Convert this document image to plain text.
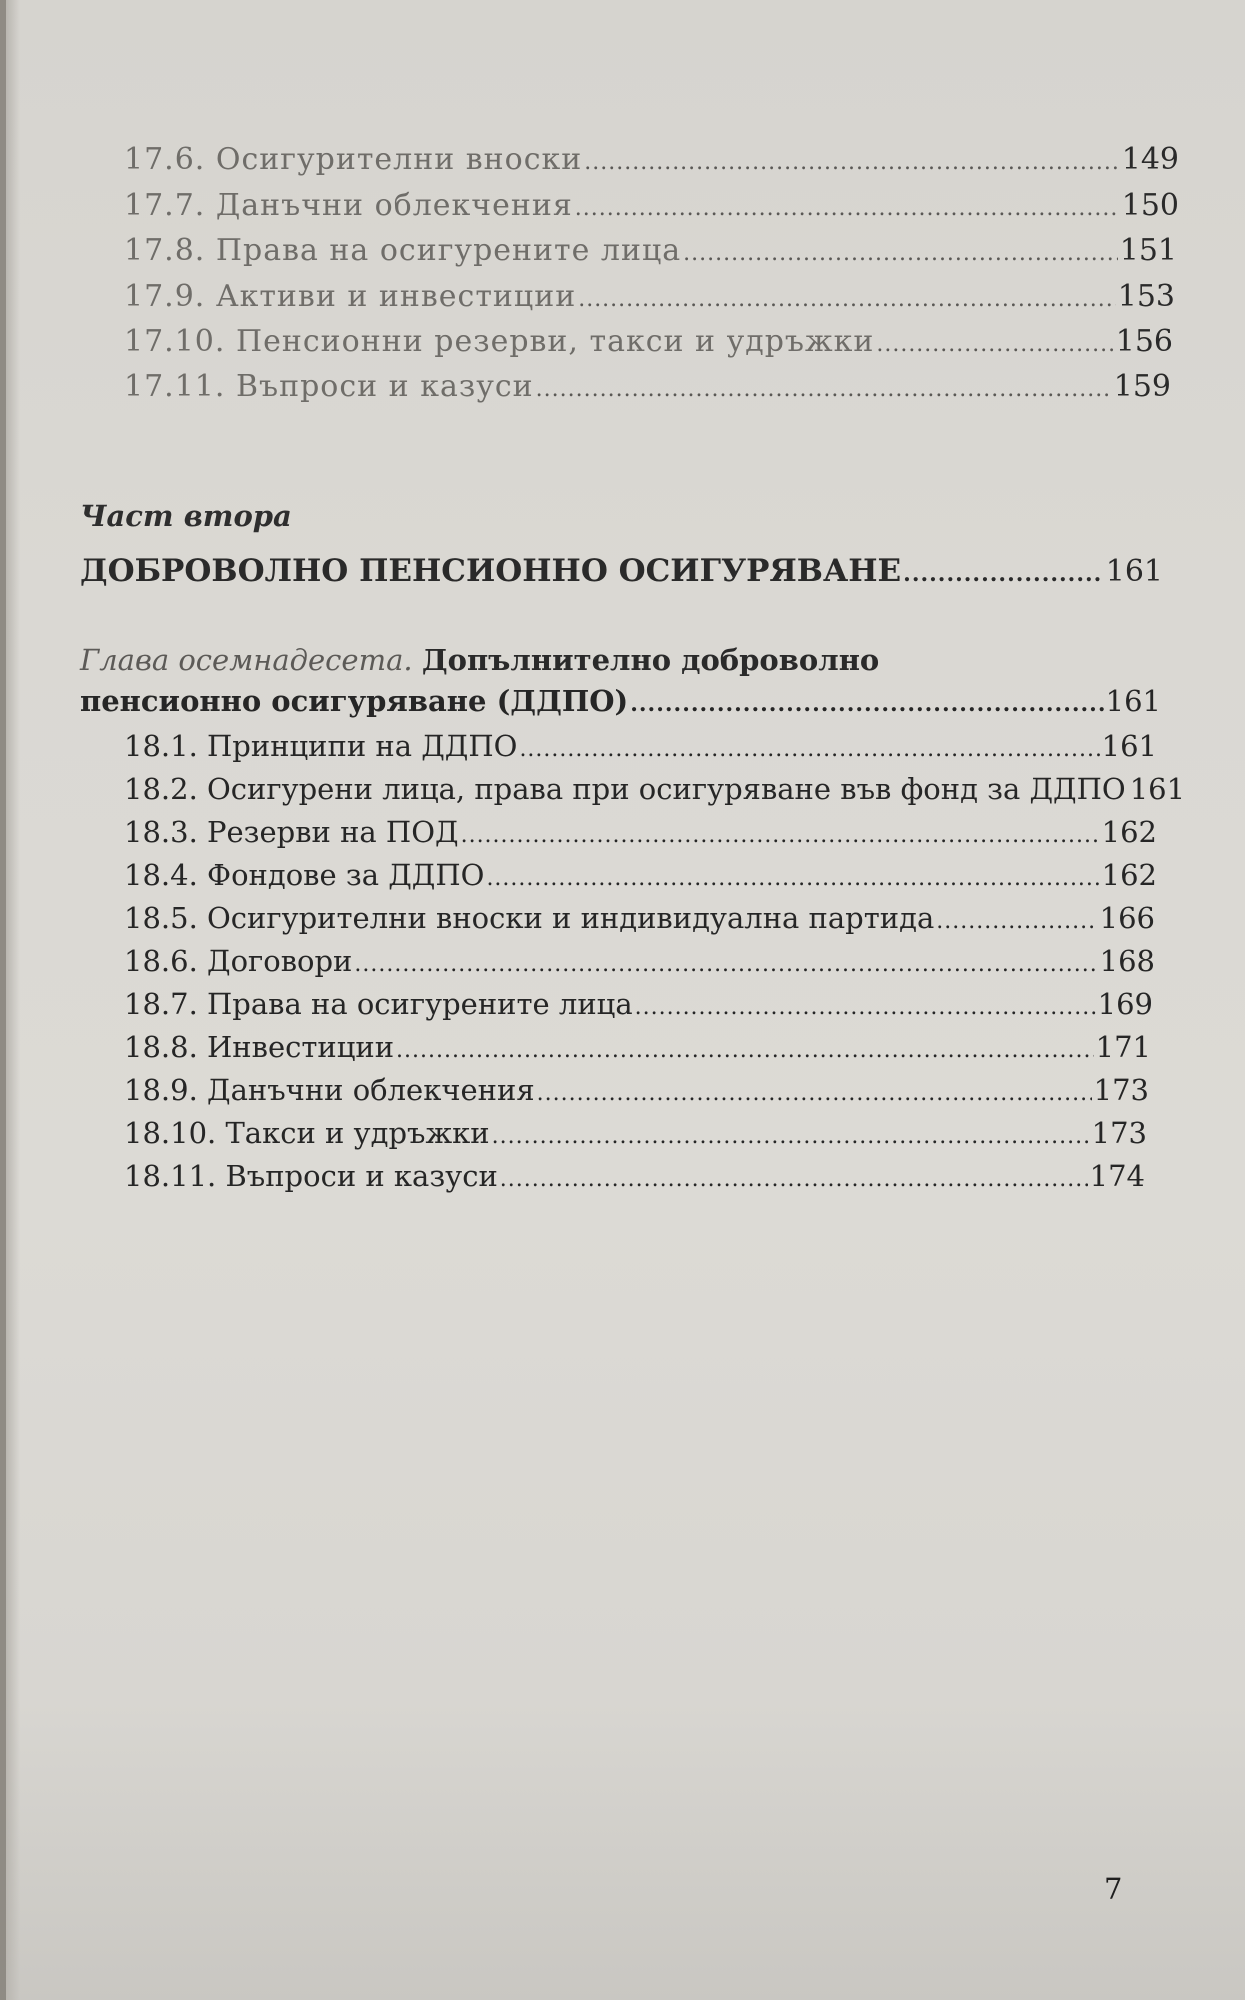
17.6. Осигурителни вноски .....	149
17.7. Данъчни облекчения .....	150
17.8. Права на осигурените лица .....	151
17.9. Активи и инвестиции .....	153
17.10. Пенсионни резерви, такси и удръжки .....	156
17.11. Въпроси и казуси .....	159
Част втора
ДОБРОВОЛНО ПЕНСИОННО ОСИГУРЯВАНЕ .....	161
Глава осемнадесета. Допълнително доброволно
пенсионно осигуряване (ДДПО) .....	161
18.1. Принципи на ДДПО .....	161
18.2. Осигурени лица, права при осигуряване във фонд за ДДПО 161
18.3. Резерви на ПОД .....	162
18.4. Фондове за ДДПО .....	162
18.5. Осигурителни вноски и индивидуална партида .....	166
18.6. Договори .....	168
18.7. Права на осигурените лица .....	169
18.8. Инвестиции .....	171
18.9. Данъчни облекчения .....	173
18.10. Такси и удръжки .....	173
18.11. Въпроси и казуси .....	174
7
